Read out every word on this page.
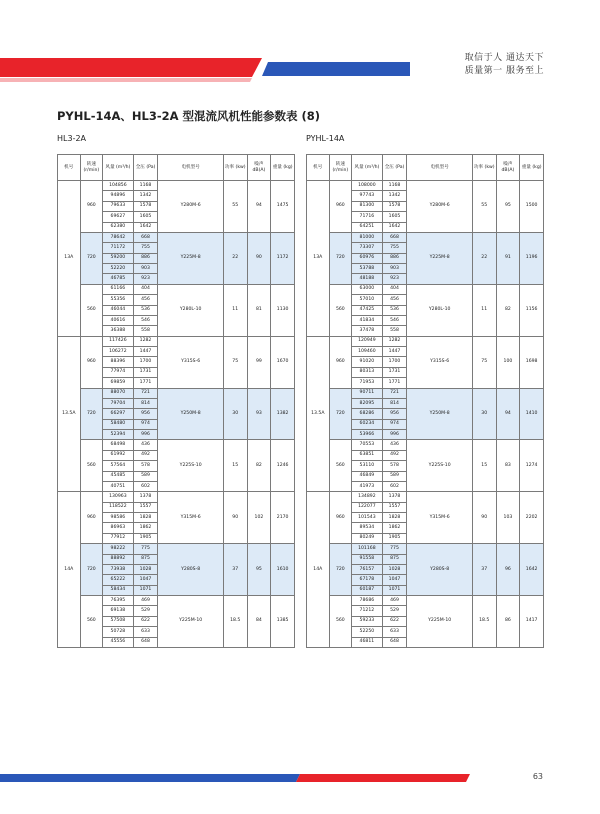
取信于人 通达天下
质量第一 服务至上
PYHL-14A、HL3-2A 型混流风机性能参数表 (8)
HL3-2A	PYHL-14A
机号	转速 (r/min)	风量 (m³/h)	全压 (Pa)	电机型号	功率 (kw)	噪声 dB(A)	重量 (kg)
13A	960	104856	1168	Y280M-6	55	94	1475
		94896	1342				
		79633	1578				
		69627	1605				
		62380	1642				
	720	78642	668	Y225M-8	22	90	1172
		71172	755				
		59200	886				
		52220	903				
		46785	923				
	560	61166	404	Y280L-10	11	81	1130
		55356	456				
		46044	536				
		40616	546				
		36388	558				
13.5A	960	117426	1282	Y315S-6	75	99	1670
		106272	1447				
		88396	1700				
		77974	1731				
		69859	1771				
	720	88070	721	Y250M-8	30	93	1382
		79704	814				
		66297	956				
		58480	974				
		52394	996				
	560	68498	436	Y225S-10	15	82	1246
		61992	492				
		57564	578				
		45485	589				
		40751	602				
14A	960	130963	1378	Y315M-6	90	102	2170
		118522	1557				
		98586	1828				
		86963	1862				
		77912	1905				
	720	98222	775	Y280S-8	37	95	1610
		88892	875				
		73938	1028				
		65222	1047				
		58434	1071				
	560	76395	469	Y225M-10	18.5	84	1385
		69138	529				
		57508	622				
		50728	633				
		45556	648				
机号	转速 (r/min)	风量 (m³/h)	全压 (Pa)	电机型号	功率 (kw)	噪声 dB(A)	重量 (kg)
13A	960	108000	1168	Y280M-6	55	95	1500
		97743	1342				
		81300	1578				
		71716	1605				
		64251	1642				
	720	81000	668	Y225M-8	22	91	1196
		73307	755				
		60976	886				
		53788	903				
		48188	923				
	560	63000	404	Y280L-10	11	82	1156
		57010	456				
		47425	536				
		41834	546				
		37478	558				
13.5A	960	120949	1282	Y315S-6	75	100	1698
		109460	1447				
		91020	1700				
		80313	1731				
		71953	1771				
	720	90711	721	Y250M-8	30	94	1410
		82095	814				
		68286	956				
		60234	974				
		53966	996				
	560	70553	436	Y225S-10	15	83	1274
		63851	492				
		53110	578				
		46849	589				
		41973	602				
14A	960	134892	1378	Y315M-6	90	103	2202
		122077	1557				
		101543	1828				
		89534	1862				
		80249	1905				
	720	101168	775	Y280S-8	37	96	1642
		91558	875				
		76157	1028				
		67178	1047				
		60187	1071				
	560	78686	469	Y225M-10	18.5	86	1417
		71212	529				
		59233	622				
		52250	633				
		46811	648				
63
